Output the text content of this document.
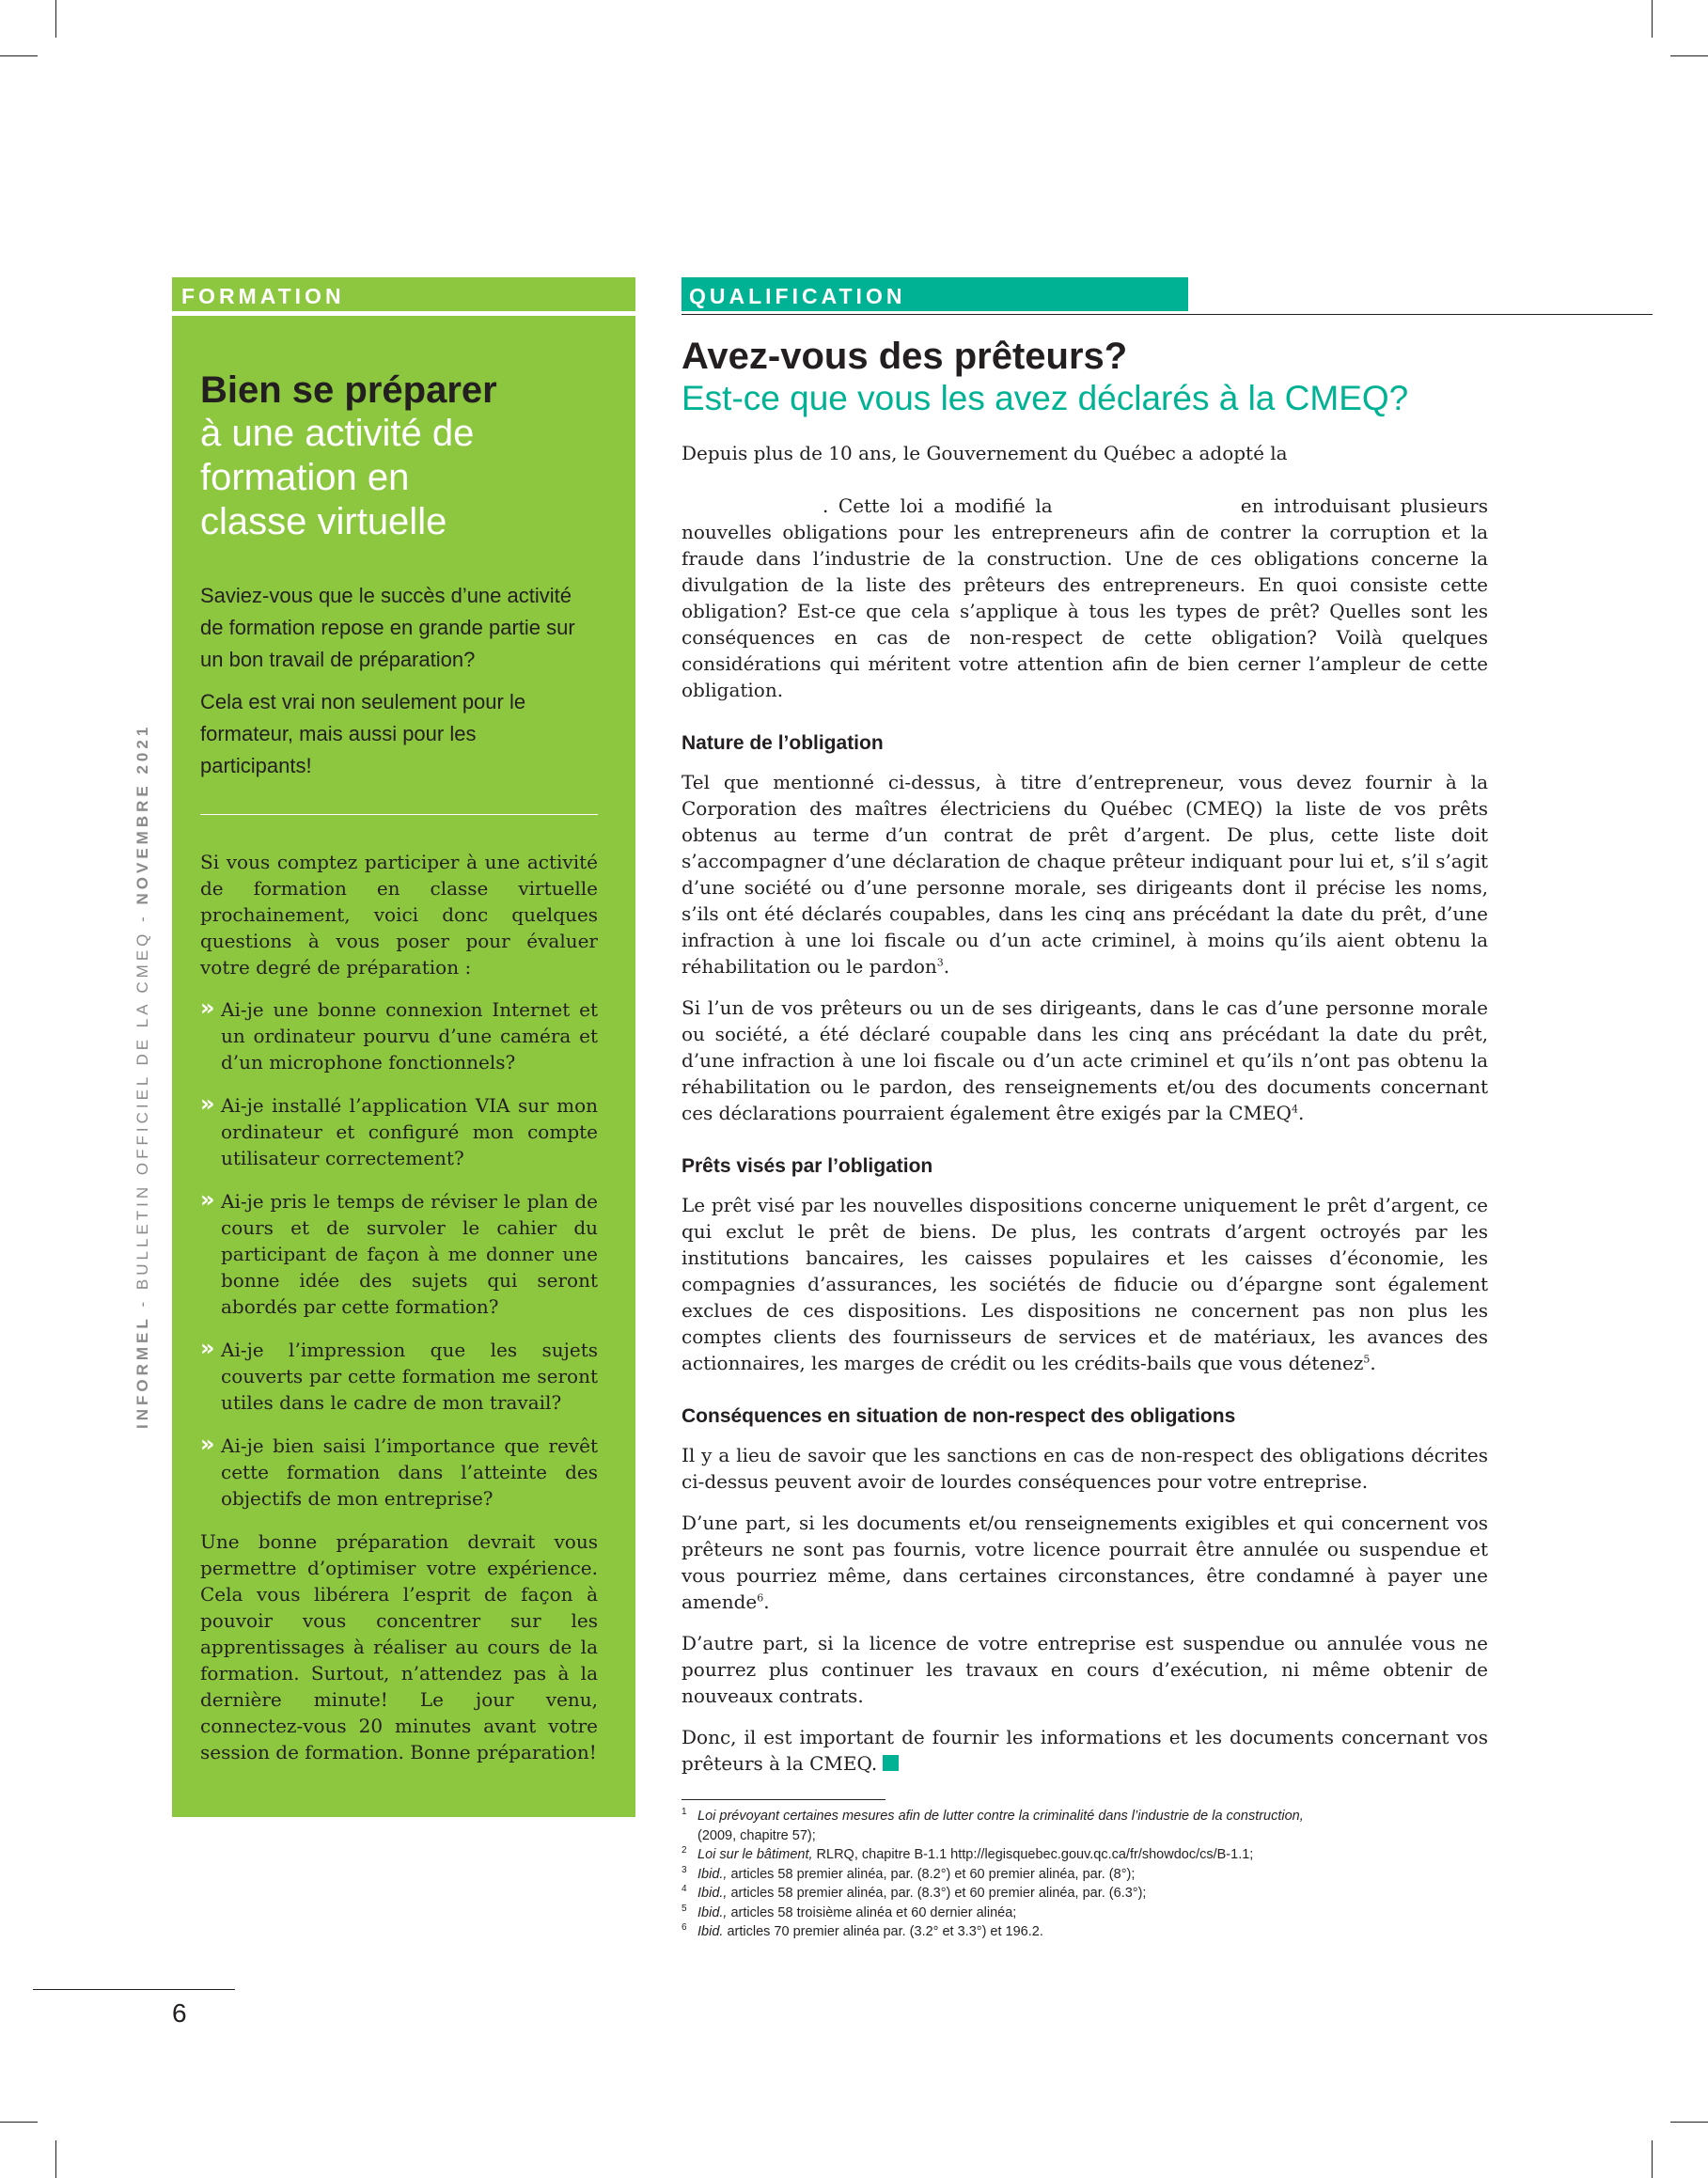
INFORMEL - BULLETIN OFFICIEL DE LA CMEQ - NOVEMBRE 2021
FORMATION
Bien se préparer
à une activité de formation en classe virtuelle

Saviez-vous que le succès d’une activité de formation repose en grande partie sur un bon travail de préparation?

Cela est vrai non seulement pour le formateur, mais aussi pour les participants!

Si vous comptez participer à une activité de formation en classe virtuelle prochainement, voici donc quelques questions à vous poser pour évaluer votre degré de préparation :

» Ai-je une bonne connexion Internet et un ordinateur pourvu d’une caméra et d’un microphone fonctionnels?
» Ai-je installé l’application VIA sur mon ordinateur et configuré mon compte utilisateur correctement?
» Ai-je pris le temps de réviser le plan de cours et de survoler le cahier du participant de façon à me donner une bonne idée des sujets qui seront abordés par cette formation?
» Ai-je l’impression que les sujets couverts par cette formation me seront utiles dans le cadre de mon travail?
» Ai-je bien saisi l’importance que revêt cette formation dans l’atteinte des objectifs de mon entreprise?

Une bonne préparation devrait vous permettre d’optimiser votre expérience. Cela vous libérera l’esprit de façon à pouvoir vous concentrer sur les apprentissages à réaliser au cours de la formation. Surtout, n’attendez pas à la dernière minute! Le jour venu, connectez-vous 20 minutes avant votre session de formation. Bonne préparation!

QUALIFICATION
Avez-vous des prêteurs?
Est-ce que vous les avez déclarés à la CMEQ?

Depuis plus de 10 ans, le Gouvernement du Québec a adopté la

. Cette loi a modifié la	en introduisant plusieurs nouvelles obligations pour les entrepreneurs afin de contrer la corruption et la fraude dans l’industrie de la construction. Une de ces obligations concerne la divulgation de la liste des prêteurs des entrepreneurs. En quoi consiste cette obligation? Est-ce que cela s’applique à tous les types de prêt? Quelles sont les conséquences en cas de non-respect de cette obligation? Voilà quelques considérations qui méritent votre attention afin de bien cerner l’ampleur de cette obligation.

Nature de l’obligation

Tel que mentionné ci-dessus, à titre d’entrepreneur, vous devez fournir à la Corporation des maîtres électriciens du Québec (CMEQ) la liste de vos prêts obtenus au terme d’un contrat de prêt d’argent. De plus, cette liste doit s’accompagner d’une déclaration de chaque prêteur indiquant pour lui et, s’il s’agit d’une société ou d’une personne morale, ses dirigeants dont il précise les noms, s’ils ont été déclarés coupables, dans les cinq ans précédant la date du prêt, d’une infraction à une loi fiscale ou d’un acte criminel, à moins qu’ils aient obtenu la réhabilitation ou le pardon$^3$.

Si l’un de vos prêteurs ou un de ses dirigeants, dans le cas d’une personne morale ou société, a été déclaré coupable dans les cinq ans précédant la date du prêt, d’une infraction à une loi fiscale ou d’un acte criminel et qu’ils n’ont pas obtenu la réhabilitation ou le pardon, des renseignements et/ou des documents concernant ces déclarations pourraient également être exigés par la CMEQ$^4$.

Prêts visés par l’obligation

Le prêt visé par les nouvelles dispositions concerne uniquement le prêt d’argent, ce qui exclut le prêt de biens. De plus, les contrats d’argent octroyés par les institutions bancaires, les caisses populaires et les caisses d’économie, les compagnies d’assurances, les sociétés de fiducie ou d’épargne sont également exclues de ces dispositions. Les dispositions ne concernent pas non plus les comptes clients des fournisseurs de services et de matériaux, les avances des actionnaires, les marges de crédit ou les crédits-bails que vous détenez$^5$.

Conséquences en situation de non-respect des obligations

Il y a lieu de savoir que les sanctions en cas de non-respect des obligations décrites ci-dessus peuvent avoir de lourdes conséquences pour votre entreprise.

D’une part, si les documents et/ou renseignements exigibles et qui concernent vos prêteurs ne sont pas fournis, votre licence pourrait être annulée ou suspendue et vous pourriez même, dans certaines circonstances, être condamné à payer une amende$^6$.

D’autre part, si la licence de votre entreprise est suspendue ou annulée vous ne pourrez plus continuer les travaux en cours d’exécution, ni même obtenir de nouveaux contrats.

Donc, il est important de fournir les informations et les documents concernant vos prêteurs à la CMEQ.

1 Loi prévoyant certaines mesures afin de lutter contre la criminalité dans l’industrie de la construction,
(2009, chapitre 57);
2 Loi sur le bâtiment, RLRQ, chapitre B-1.1 http://legisquebec.gouv.qc.ca/fr/showdoc/cs/B-1.1;
3 Ibid., articles 58 premier alinéa, par. (8.2°) et 60 premier alinéa, par. (8°);
4 Ibid., articles 58 premier alinéa, par. (8.3°) et 60 premier alinéa, par. (6.3°);
5 Ibid., articles 58 troisième alinéa et 60 dernier alinéa;
6 Ibid. articles 70 premier alinéa par. (3.2° et 3.3°) et 196.2.
6
